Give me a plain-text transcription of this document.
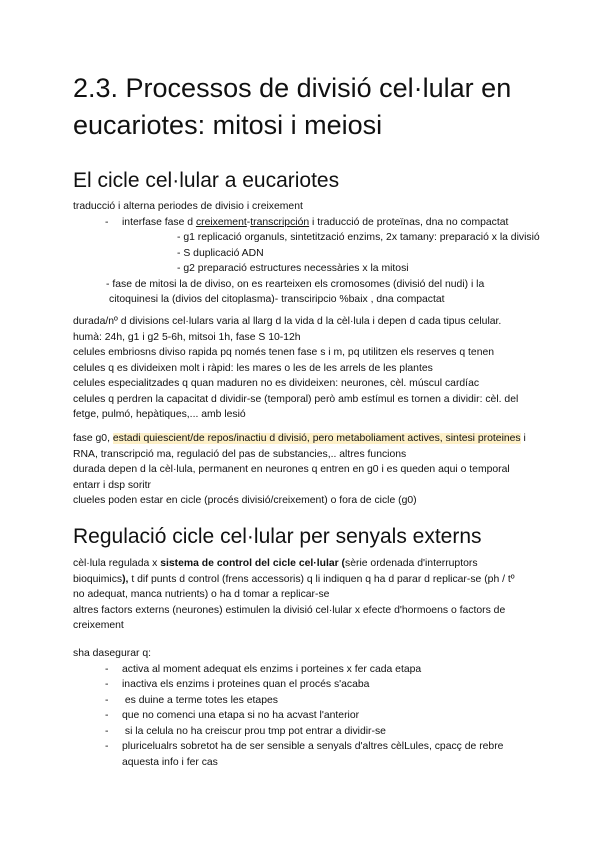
2.3. Processos de divisió cel·lular en eucariotes: mitosi i meiosi
El cicle cel·lular a eucariotes
traducció i alterna periodes de divisio i creixement
- interfase fase d creixement-transcripción i traducció de proteïnas, dna no compactat
- g1 replicació organuls, sintetització enzims, 2x tamany: preparació x la divisió
- S duplicació ADN
- g2 preparació estructures necessàries x la mitosi
- fase de mitosi la de diviso, on es rearteixen els cromosomes (divisió del nudi) i la
citoquinesi la (divios del citoplasma)- transciripcio %baix , dna compactat
durada/nº d divisions cel·lulars varia al llarg d la vida d la cèl·lula i depen d cada tipus celular.
humà: 24h, g1 i g2 5-6h, mitsoi 1h, fase S 10-12h
celules embriosns diviso rapida pq només tenen fase s i m, pq utilitzen els reserves q tenen
celules q es divideixen molt i ràpid: les mares o les de les arrels de les plantes
celules especialitzades q quan maduren no es divideixen: neurones, cèl. múscul cardíac
celules q perdren la capacitat d dividir-se (temporal) però amb estímul es tornen a dividir: cèl. del
fetge, pulmó, hepàtiques,... amb lesió
fase g0, estadi quiescient/de repos/inactiu d divisió, pero metaboliament actives, sintesi proteines i
RNA, transcripció ma, regulació del pas de substancies,.. altres funcions
durada depen d la cèl·lula, permanent en neurones q entren en g0 i es queden aqui o temporal
entarr i dsp soritr
clueles poden estar en cicle (procés divisió/creixement) o fora de cicle (g0)
Regulació cicle cel·lular per senyals externs
cèl·lula regulada x sistema de control del cicle cel·lular (sèrie ordenada d'interruptors
bioquimics), t dif punts d control (frens accessoris) q li indiquen q ha d parar d replicar-se (ph / tº
no adequat, manca nutrients) o ha d tomar a replicar-se
altres factors externs (neurones) estimulen la divisió cel·lular x efecte d'hormoens o factors de
creixement
sha dasegurar q:
- activa al moment adequat els enzims i porteines x fer cada etapa
- inactiva els enzims i proteines quan el procés s'acaba
- es duine a terme totes les etapes
- que no comenci una etapa si no ha acvast l'anterior
- si la celula no ha creiscur prou tmp pot entrar a dividir-se
- pluricelualrs sobretot ha de ser sensible a senyals d'altres cèlLules, cpacç de rebre
aquesta info i fer cas
